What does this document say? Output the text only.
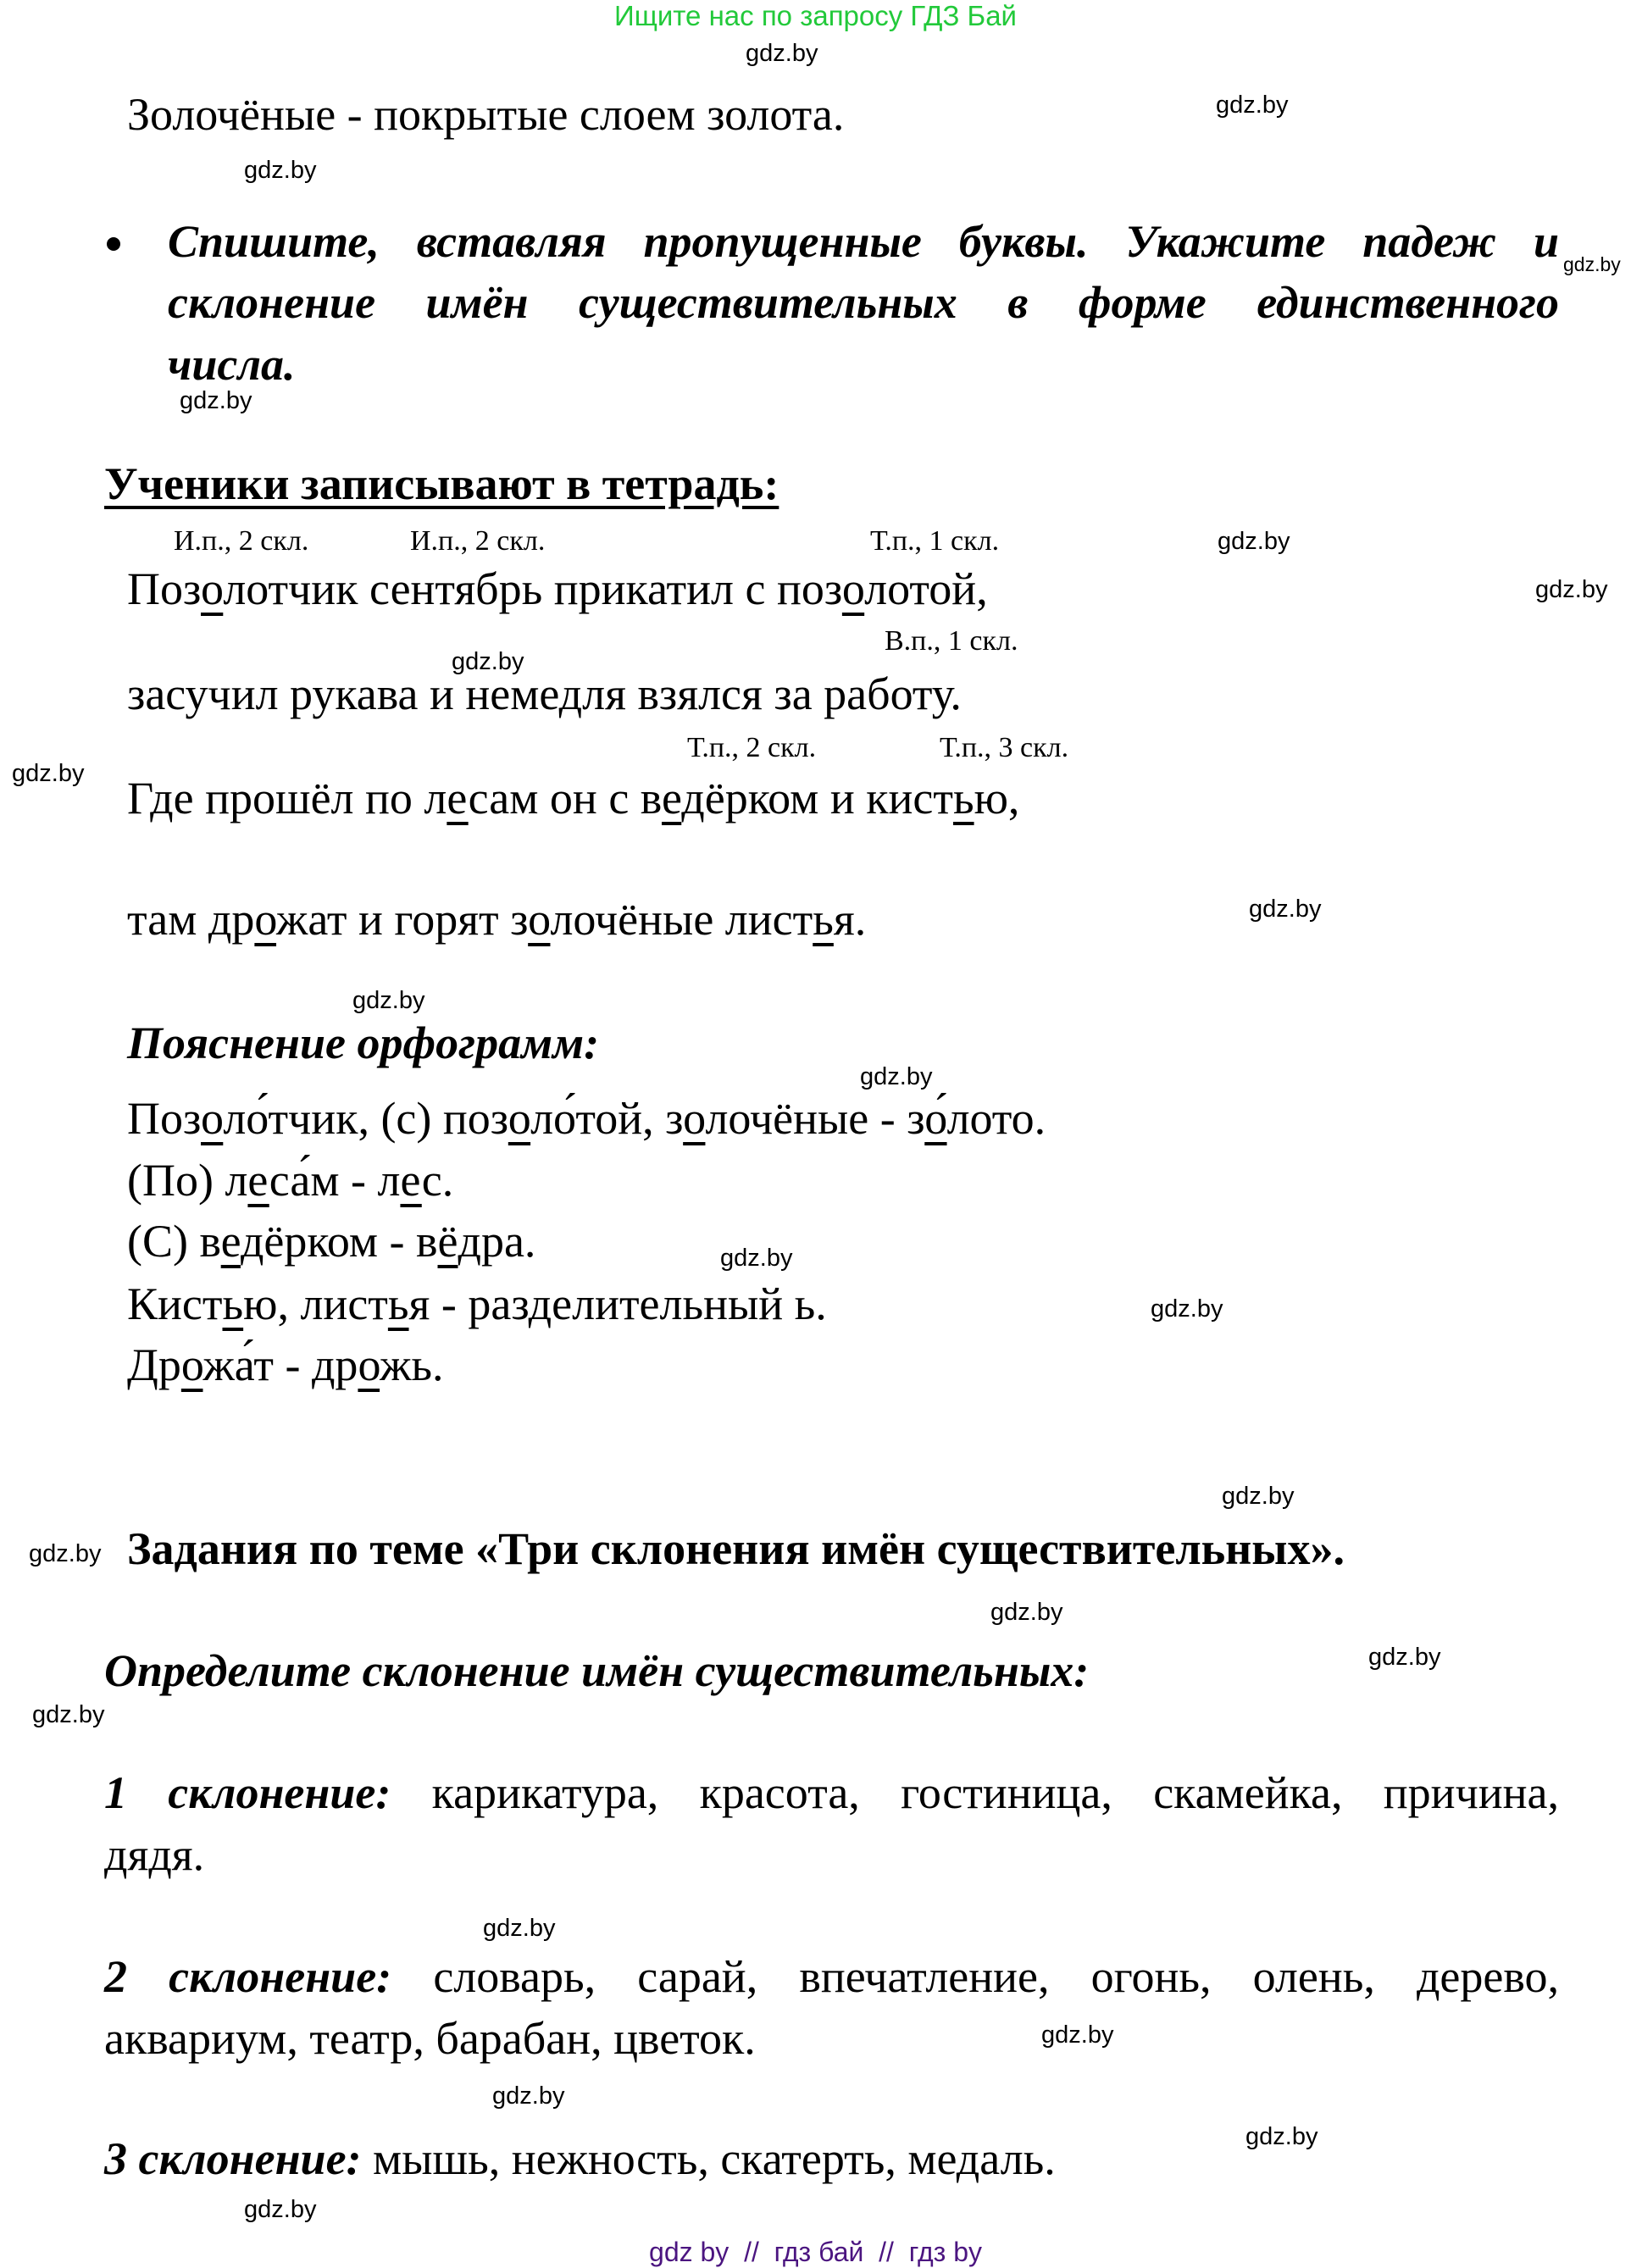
Ищите нас по запросу ГДЗ Бай
gdz.by
gdz.by
gdz.by
gdz.by
gdz.by
gdz.by
gdz.by
gdz.by
gdz.by
gdz.by
gdz.by
gdz.by
gdz.by
gdz.by
gdz.by
gdz.by
gdz.by
gdz.by
gdz.by
gdz.by
gdz.by
gdz.by
gdz.by
gdz.by
Золочёные - покрытые слоем золота.
Спишите, вставляя пропущенные буквы. Укажите падеж и
склонение имён существительных в форме единственного
числа.
Ученики записывают в тетрадь:
И.п., 2 скл.	И.п., 2 скл.	Т.п., 1 скл.
В.п., 1 скл.
Т.п., 2 скл.	Т.п., 3 скл.
Позолотчик сентябрь прикатил с позолотой,
засучил рукава и немедля взялся за работу.
Где прошёл по лесам он с ведёрком и кистью,
там дрожат и горят золочёные листья.
Пояснение орфограмм:
Позоло́тчик, (с) позоло́той, золочёные - зо́лото.
(По) леса́м - лес.
(С) ведёрком - вёдра.
Кистью, листья - разделительный ь.
Дрожа́т - дрожь.
Задания по теме «Три склонения имён существительных».
Определите склонение имён существительных:
1 склонение: карикатура, красота, гостиница, скамейка, причина,
дядя.
2 склонение: словарь, сарай, впечатление, огонь, олень, дерево,
аквариум, театр, барабан, цветок.
3 склонение: мышь, нежность, скатерть, медаль.
gdz by  //  гдз бай  //  гдз by
